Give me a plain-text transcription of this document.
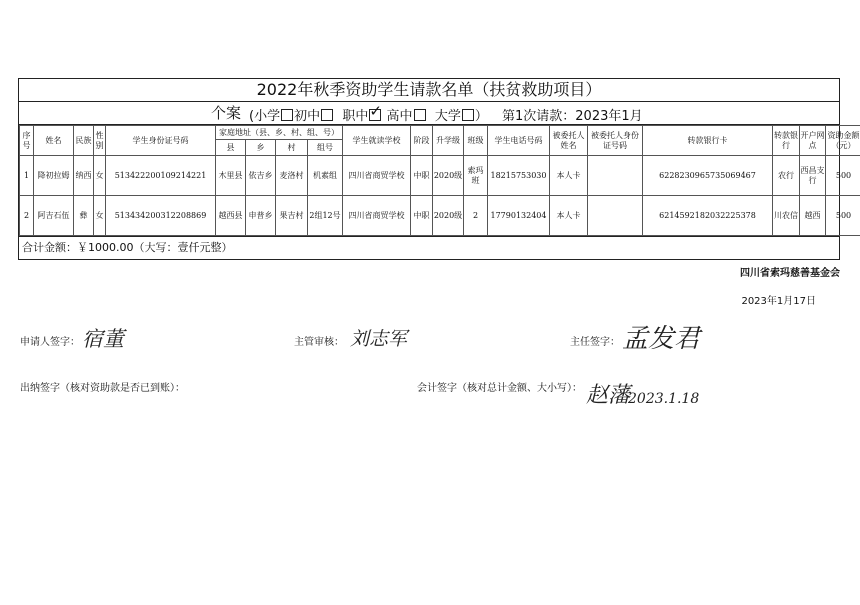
2022年秋季资助学生请款名单（扶贫救助项目）
个案 (小学 初中 职中 ✓ 高中 大学 ） 第1次请款：2023年1月
序号	姓名	民族	性别	学生身份证号码	家庭地址（县、乡、村、组、号）				学生就读学校	阶段	升学级	班级	学生电话号码	被委托人姓名	被委托人身份证号码	转款银行卡	转款银行	开户网点	资助金额（元）
					县	乡	村	组号											
1	降初拉姆	纳西	女	513422200109214221	木里县	依吉乡	麦洛村	机素组	四川省商贸学校	中职	2020级	索玛班	18215753030	本人卡		6228230965735069467	农行	西昌支行	500
2	阿吉石伍	彝	女	513434200312208869	越西县	申普乡	果吉村	2组12号	四川省商贸学校	中职	2020级	2	17790132404	本人卡		6214592182032225378	川农信	越西	500
合计金额：￥1000.00（大写：壹仟元整）
四川省索玛慈善基金会
2023年1月17日
申请人签字： 宿董	主管审核： 刘志军	主任签字： 孟发君
出纳签字（核对资助款是否已到账）：	会计签字（核对总计金额、大小写）： 赵藩
2023.1.18
